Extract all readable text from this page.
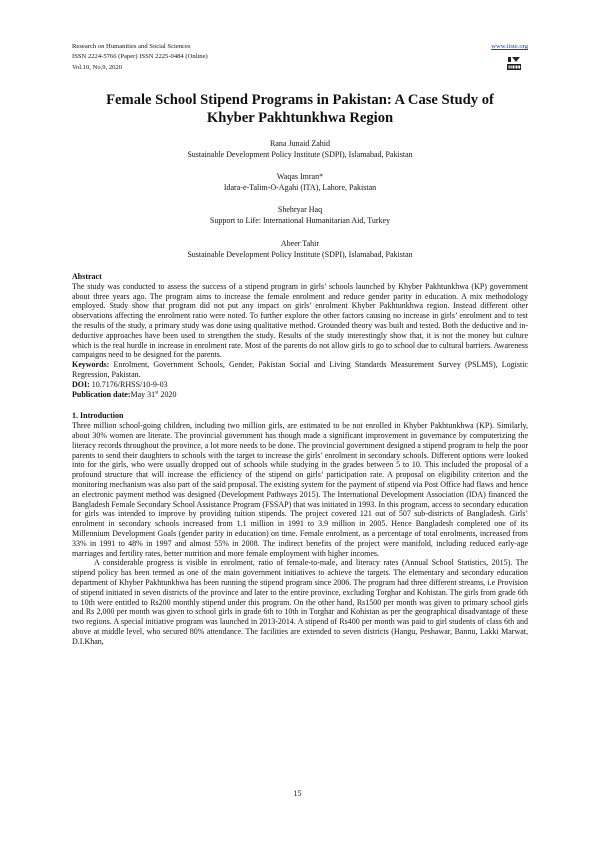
Research on Humanities and Social Sciences
ISSN 2224-5766 (Paper) ISSN 2225-0484 (Online)
Vol.10, No.9, 2020
www.iiste.org
Female School Stipend Programs in Pakistan: A Case Study of
Khyber Pakhtunkhwa Region
Rana Junaid Zahid
Sustainable Development Policy Institute (SDPI), Islamabad, Pakistan
Waqas Imran*
Idara-e-Talim-O-Agahi (ITA), Lahore, Pakistan
Shehryar Haq
Support to Life: International Humanitarian Aid, Turkey
Abeer Tahir
Sustainable Development Policy Institute (SDPI), Islamabad, Pakistan
Abstract

The study was conducted to assess the success of a stipend program in girls’ schools launched by Khyber Pakhtunkhwa (KP) government about three years ago. The program aims to increase the female enrolment and reduce gender parity in education. A mix methodology employed. Study show that program did not put any impact on girls’ enrolment Khyber Pakhtunkhwa region. Instead different other observations affecting the enrolment ratio were noted. To further explore the other factors causing no increase in girls’ enrolment and to test the results of the study, a primary study was done using qualitative method. Grounded theory was built and tested. Both the deductive and in-deductive approaches have been used to strengthen the study. Results of the study interestingly show that, it is not the money but culture which is the real hurdle in increase in enrolment rate. Most of the parents do not allow girls to go to school due to cultural barriers. Awareness campaigns need to be designed for the parents.

Keywords: Enrolment, Government Schools, Gender, Pakistan Social and Living Standards Measurement Survey (PSLMS), Logistic Regression, Pakistan.

DOI: 10.7176/RHSS/10-9-03

Publication date:May 31st 2020

1. Introduction

Three million school-going children, including two million girls, are estimated to be not enrolled in Khyber Pakhtunkhwa (KP). Similarly, about 30% women are literate. The provincial government has though made a significant improvement in governance by computerizing the literacy records throughout the province, a lot more needs to be done. The provincial government designed a stipend program to help the poor parents to send their daughters to schools with the target to increase the girls’ enrolment in secondary schools. Different options were looked into for the girls, who were usually dropped out of schools while studying in the grades between 5 to 10. This included the proposal of a profound structure that will increase the efficiency of the stipend on girls’ participation rate. A proposal on eligibility criterion and the monitoring mechanism was also part of the said proposal. The existing system for the payment of stipend via Post Office had flaws and hence an electronic payment method was designed (Development Pathways 2015). The International Development Association (IDA) financed the Bangladesh Female Secondary School Assistance Program (FSSAP) that was initiated in 1993. In this program, access to secondary education for girls was intended to improve by providing tuition stipends. The project covered 121 out of 507 sub-districts of Bangladesh. Girls’ enrolment in secondary schools increased from 1.1 million in 1991 to 3.9 million in 2005. Hence Bangladesh completed one of its Millennium Development Goals (gender parity in education) on time. Female enrolment, as a percentage of total enrolments, increased from 33% in 1991 to 48% in 1997 and almost 55% in 2008. The indirect benefits of the project were manifold, including reduced early-age marriages and fertility rates, better nutrition and more female employment with higher incomes.

A considerable progress is visible in enrolment, ratio of female-to-male, and literacy rates (Annual School Statistics, 2015). The stipend policy has been termed as one of the main government initiatives to achieve the targets. The elementary and secondary education department of Khyber Pakhtunkhwa has been running the stipend program since 2006. The program had three different streams, i.e Provision of stipend initiated in seven districts of the province and later to the entire province, excluding Torghar and Kohistan. The girls from grade 6th to 10th were entitled to Rs200 monthly stipend under this program. On the other hand, Rs1500 per month was given to primary school girls and Rs 2,000 per month was given to school girls in grade 6th to 10th in Torghar and Kohistan as per the geographical disadvantage of these two regions. A special initiative program was launched in 2013-2014. A stipend of Rs400 per month was paid to girl students of class 6th and above at middle level, who secured 80% attendance. The facilities are extended to seven districts (Hangu, Peshawar, Bannu, Lakki Marwat, D.I.Khan,

15
